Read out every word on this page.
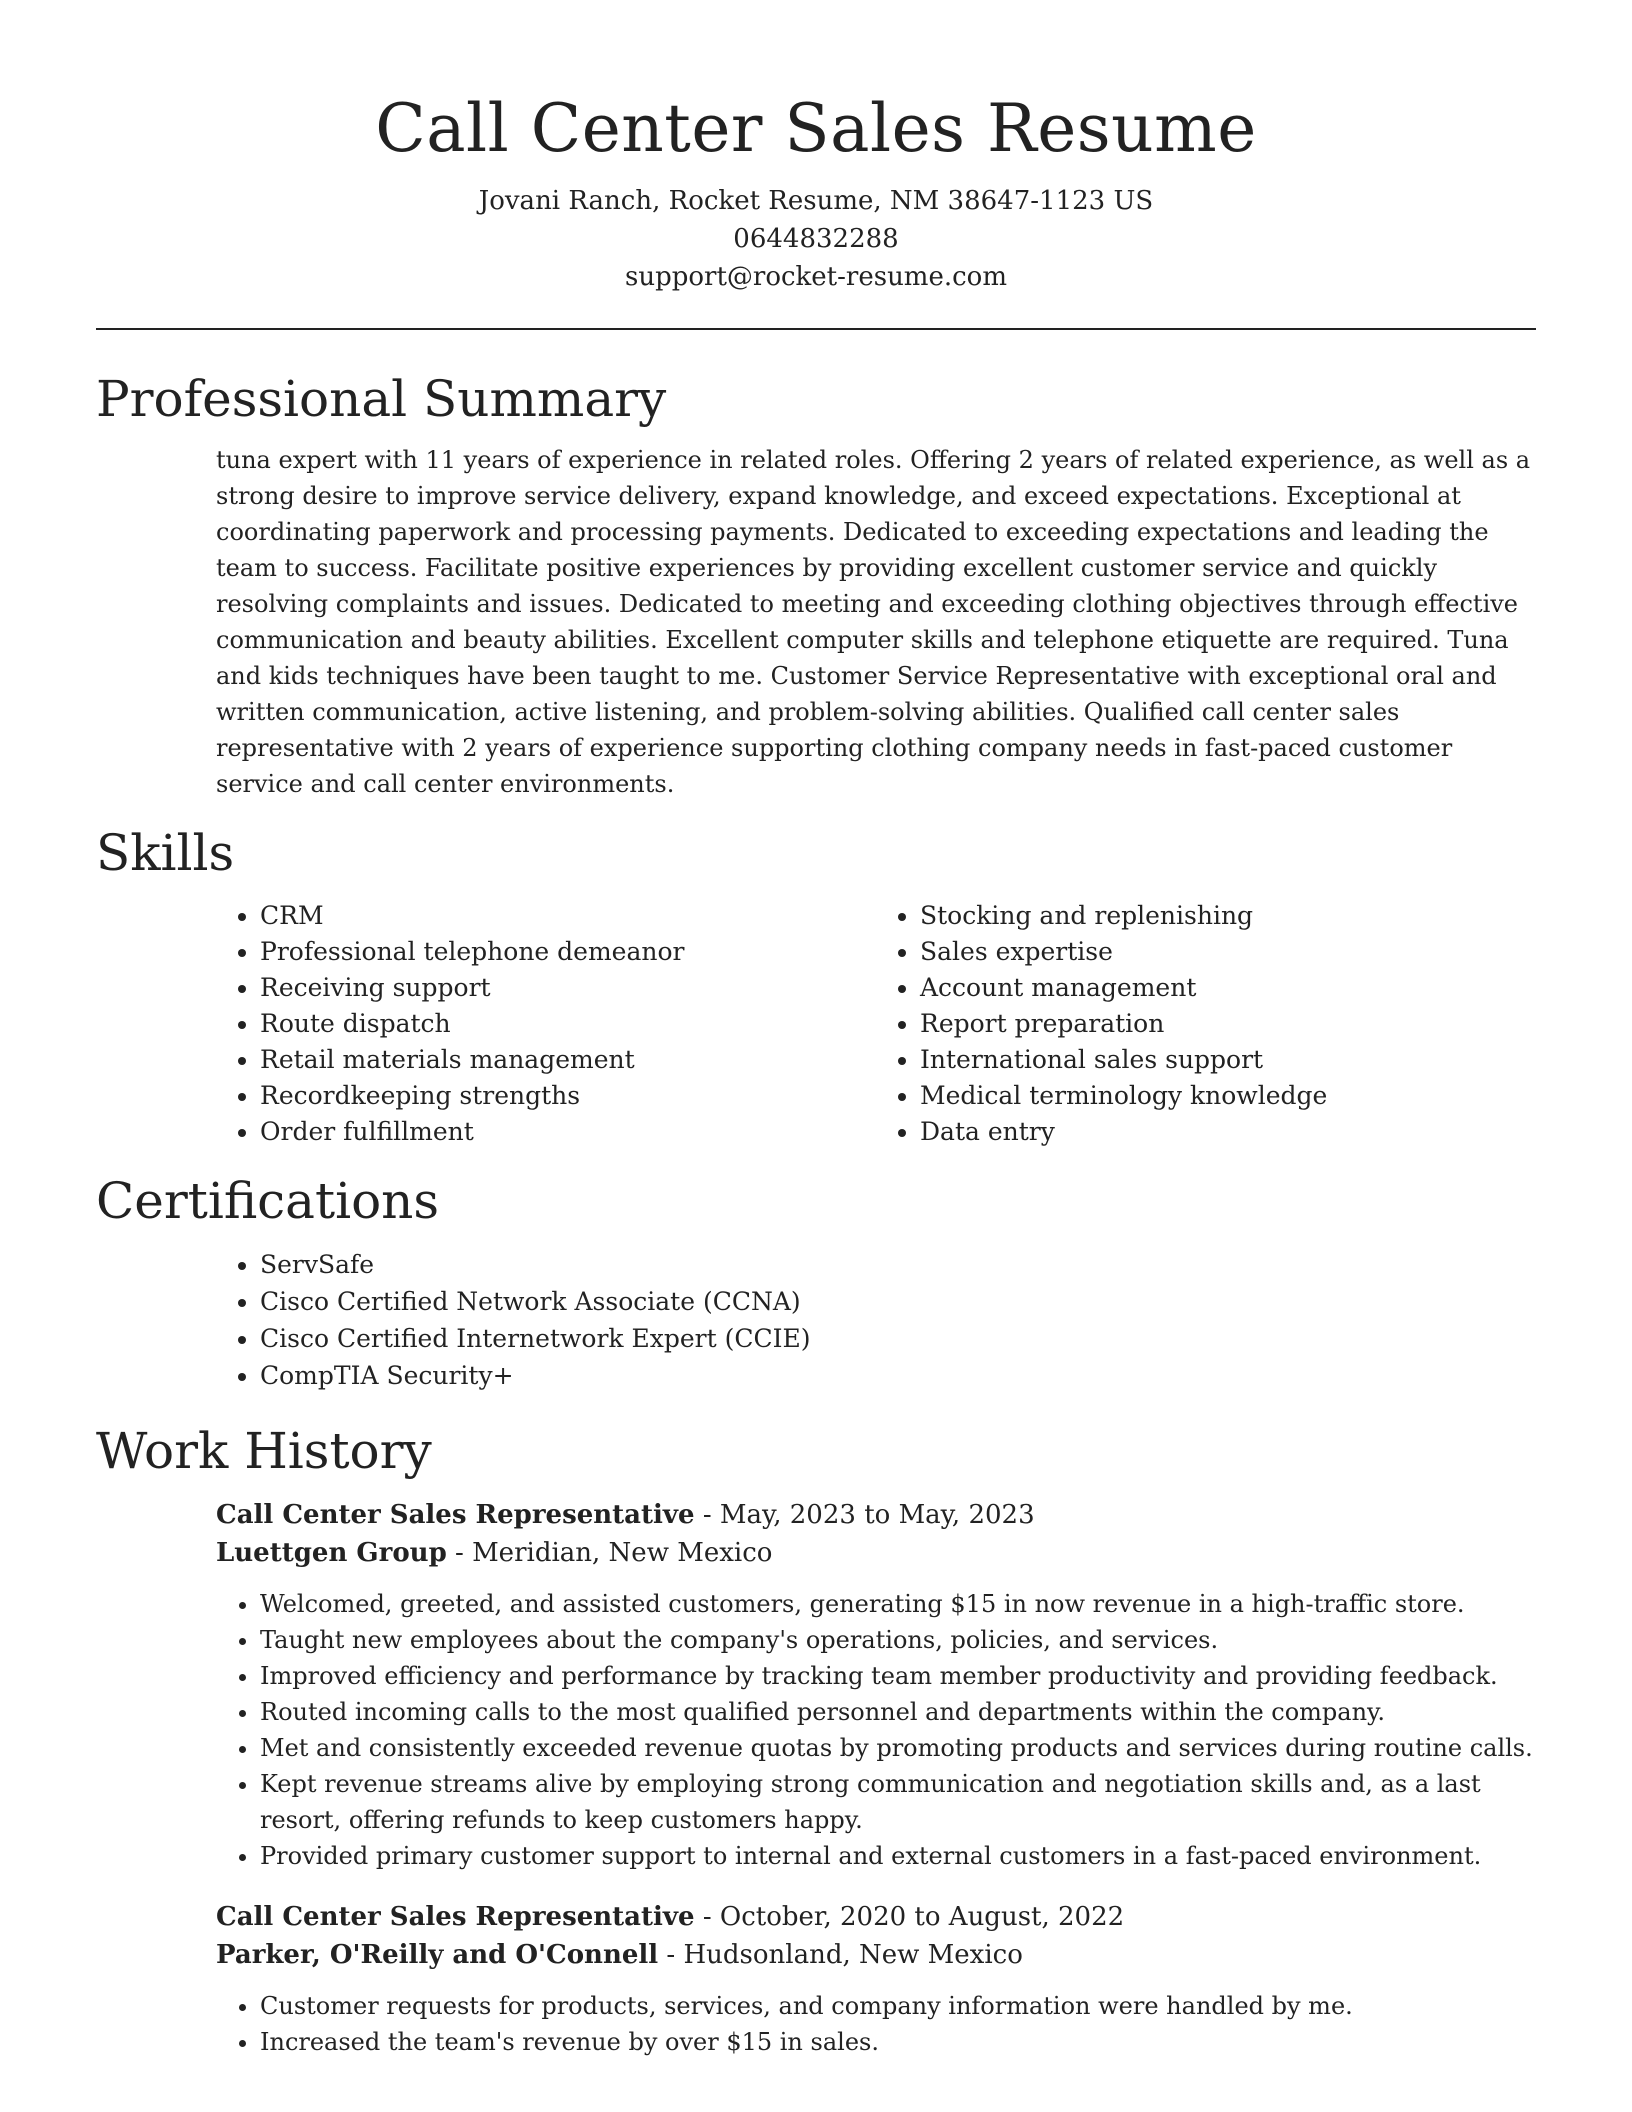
Call Center Sales Resume

Jovani Ranch, Rocket Resume, NM 38647-1123 US

0644832288

support@rocket-resume.com

Professional Summary

tuna expert with 11 years of experience in related roles. Offering 2 years of related experience, as well as a strong desire to improve service delivery, expand knowledge, and exceed expectations. Exceptional at coordinating paperwork and processing payments. Dedicated to exceeding expectations and leading the team to success. Facilitate positive experiences by providing excellent customer service and quickly resolving complaints and issues. Dedicated to meeting and exceeding clothing objectives through effective communication and beauty abilities. Excellent computer skills and telephone etiquette are required. Tuna and kids techniques have been taught to me. Customer Service Representative with exceptional oral and written communication, active listening, and problem-solving abilities. Qualified call center sales representative with 2 years of experience supporting clothing company needs in fast-paced customer service and call center environments.

Skills
• CRM
• Professional telephone demeanor
• Receiving support
• Route dispatch
• Retail materials management
• Recordkeeping strengths
• Order fulfillment
• Stocking and replenishing
• Sales expertise
• Account management
• Report preparation
• International sales support
• Medical terminology knowledge
• Data entry
Certifications
• ServSafe
• Cisco Certified Network Associate (CCNA)
• Cisco Certified Internetwork Expert (CCIE)
• CompTIA Security+
Work History

Call Center Sales Representative - May, 2023 to May, 2023

Luettgen Group - Meridian, New Mexico

• Welcomed, greeted, and assisted customers, generating $15 in now revenue in a high-traffic store.
• Taught new employees about the company's operations, policies, and services.
• Improved efficiency and performance by tracking team member productivity and providing feedback.
• Routed incoming calls to the most qualified personnel and departments within the company.
• Met and consistently exceeded revenue quotas by promoting products and services during routine calls.
• Kept revenue streams alive by employing strong communication and negotiation skills and, as a last resort, offering refunds to keep customers happy.
• Provided primary customer support to internal and external customers in a fast-paced environment.

Call Center Sales Representative - October, 2020 to August, 2022

Parker, O'Reilly and O'Connell - Hudsonland, New Mexico

• Customer requests for products, services, and company information were handled by me.
• Increased the team's revenue by over $15 in sales.
